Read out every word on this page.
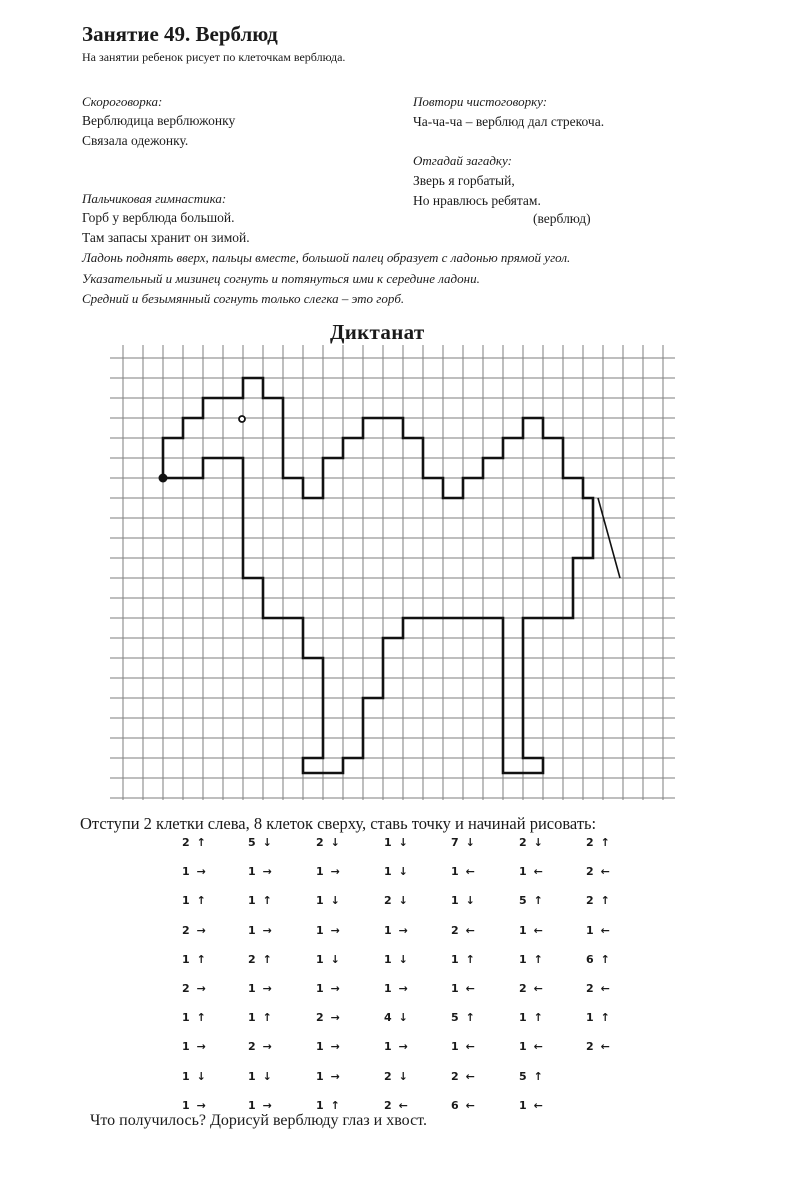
Занятие 49. Верблюд
На занятии ребенок рисует по клеточкам верблюда.
Скороговорка:
Верблюдица верблюжонку
Связала одежонку.
Повтори чистоговорку:
Ча-ча-ча – верблюд дал стрекоча.
Отгадай загадку:
Зверь я горбатый,
Но нравлюсь ребятам.
(верблюд)
Пальчиковая гимнастика:
Горб у верблюда большой.
Там запасы хранит он зимой.
Ладонь поднять вверх, пальцы вместе, большой палец образует с ладонью прямой угол.
Указательный и мизинец согнуть и потянуться ими к середине ладони.
Средний и безымянный согнуть только слегка – это горб.
Диктанат
Отступи 2 клетки слева, 8 клеток сверху, ставь точку и начинай рисовать:
2 ↑
1 →
1 ↑
2 →
1 ↑
2 →
1 ↑
1 →
1 ↓
1 →
5 ↓
1 →
1 ↑
1 →
2 ↑
1 →
1 ↑
2 →
1 ↓
1 →
2 ↓
1 →
1 ↓
1 →
1 ↓
1 →
2 →
1 →
1 →
1 ↑
1 ↓
1 ↓
2 ↓
1 →
1 ↓
1 →
4 ↓
1 →
2 ↓
2 ←
7 ↓
1 ←
1 ↓
2 ←
1 ↑
1 ←
5 ↑
1 ←
2 ←
6 ←
2 ↓
1 ←
5 ↑
1 ←
1 ↑
2 ←
1 ↑
1 ←
5 ↑
1 ←
2 ↑
2 ←
2 ↑
1 ←
6 ↑
2 ←
1 ↑
2 ←
Что получилось? Дорисуй верблюду глаз и хвост.
